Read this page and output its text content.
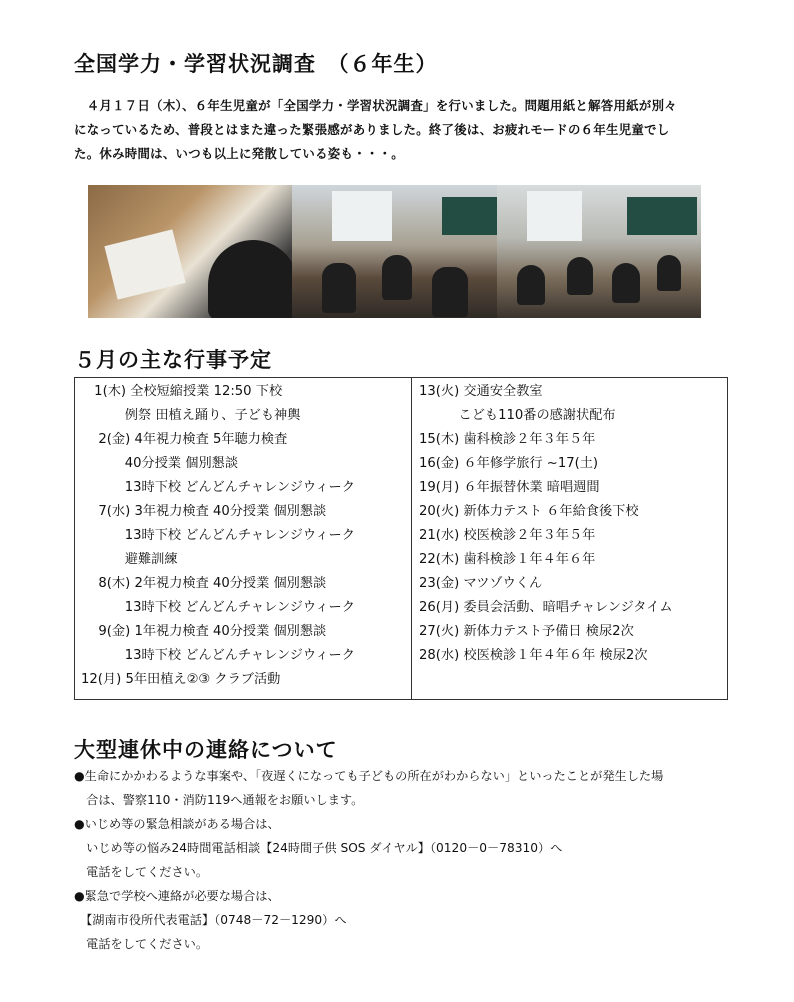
全国学力・学習状況調査　（６年生）
　４月１７日（木）、６年生児童が「全国学力・学習状況調査」を行いました。問題用紙と解答用紙が別々
になっているため、普段とはまた違った緊張感がありました。終了後は、お疲れモードの６年生児童でし
た。休み時間は、いつも以上に発散している姿も・・・。
５月の主な行事予定
　1(木) 全校短縮授業 12:50 下校
　　　 例祭 田植え踊り、子ども神輿
　 2(金) 4年視力検査 5年聴力検査
　　　 40分授業 個別懇談
　　　 13時下校 どんどんチャレンジウィーク
　 7(水) 3年視力検査 40分授業 個別懇談
　　　 13時下校 どんどんチャレンジウィーク
　　　 避難訓練
　 8(木) 2年視力検査 40分授業 個別懇談
　　　 13時下校 どんどんチャレンジウィーク
　 9(金) 1年視力検査 40分授業 個別懇談
　　　 13時下校 どんどんチャレンジウィーク
12(月) 5年田植え②③ クラブ活動
13(火) 交通安全教室
　　　こども110番の感謝状配布
15(木) 歯科検診２年３年５年
16(金) ６年修学旅行 ~17(土)
19(月) ６年振替休業 暗唱週間
20(火) 新体力テスト ６年給食後下校
21(水) 校医検診２年３年５年
22(木) 歯科検診１年４年６年
23(金) マツゾウくん
26(月) 委員会活動、暗唱チャレンジタイム
27(火) 新体力テスト予備日 検尿2次
28(水) 校医検診１年４年６年 検尿2次
大型連休中の連絡について
●生命にかかわるような事案や、「夜遅くになっても子どもの所在がわからない」といったことが発生した場
　合は、警察110・消防119へ通報をお願いします。
●いじめ等の緊急相談がある場合は、
　いじめ等の悩み24時間電話相談【24時間子供 SOS ダイヤル】（0120－0－78310）へ
　電話をしてください。
●緊急で学校へ連絡が必要な場合は、
　【湖南市役所代表電話】（0748－72－1290）へ
　電話をしてください。
